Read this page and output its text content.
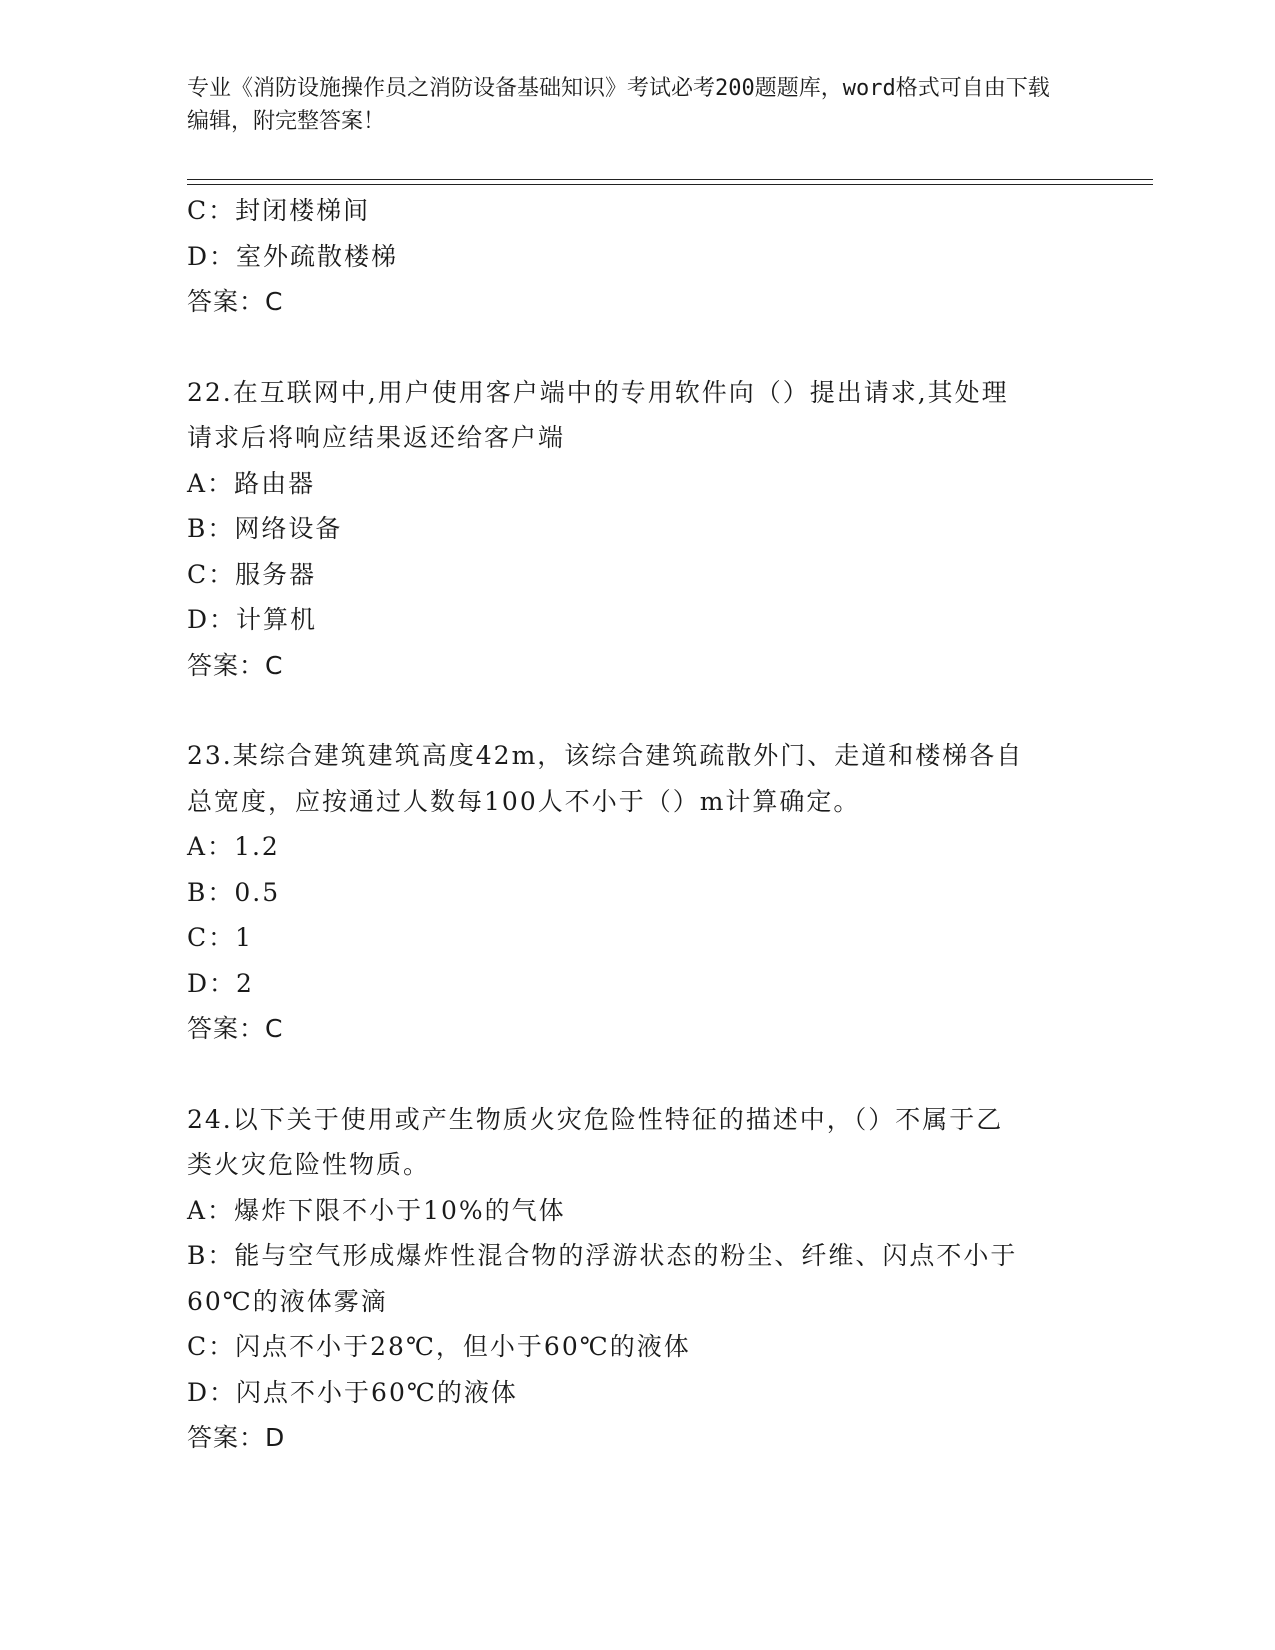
专业《消防设施操作员之消防设备基础知识》考试必考200题题库，word格式可自由下载编辑，附完整答案！
C：封闭楼梯间
D：室外疏散楼梯
答案：C
22.在互联网中,用户使用客户端中的专用软件向（）提出请求,其处理
请求后将响应结果返还给客户端
A：路由器
B：网络设备
C：服务器
D：计算机
答案：C
23.某综合建筑建筑高度42m，该综合建筑疏散外门、走道和楼梯各自
总宽度，应按通过人数每100人不小于（）m计算确定。
A：1.2
B：0.5
C：1
D：2
答案：C
24.以下关于使用或产生物质火灾危险性特征的描述中，（）不属于乙
类火灾危险性物质。
A：爆炸下限不小于10%的气体
B：能与空气形成爆炸性混合物的浮游状态的粉尘、纤维、闪点不小于
60℃的液体雾滴
C：闪点不小于28℃，但小于60℃的液体
D：闪点不小于60℃的液体
答案：D
